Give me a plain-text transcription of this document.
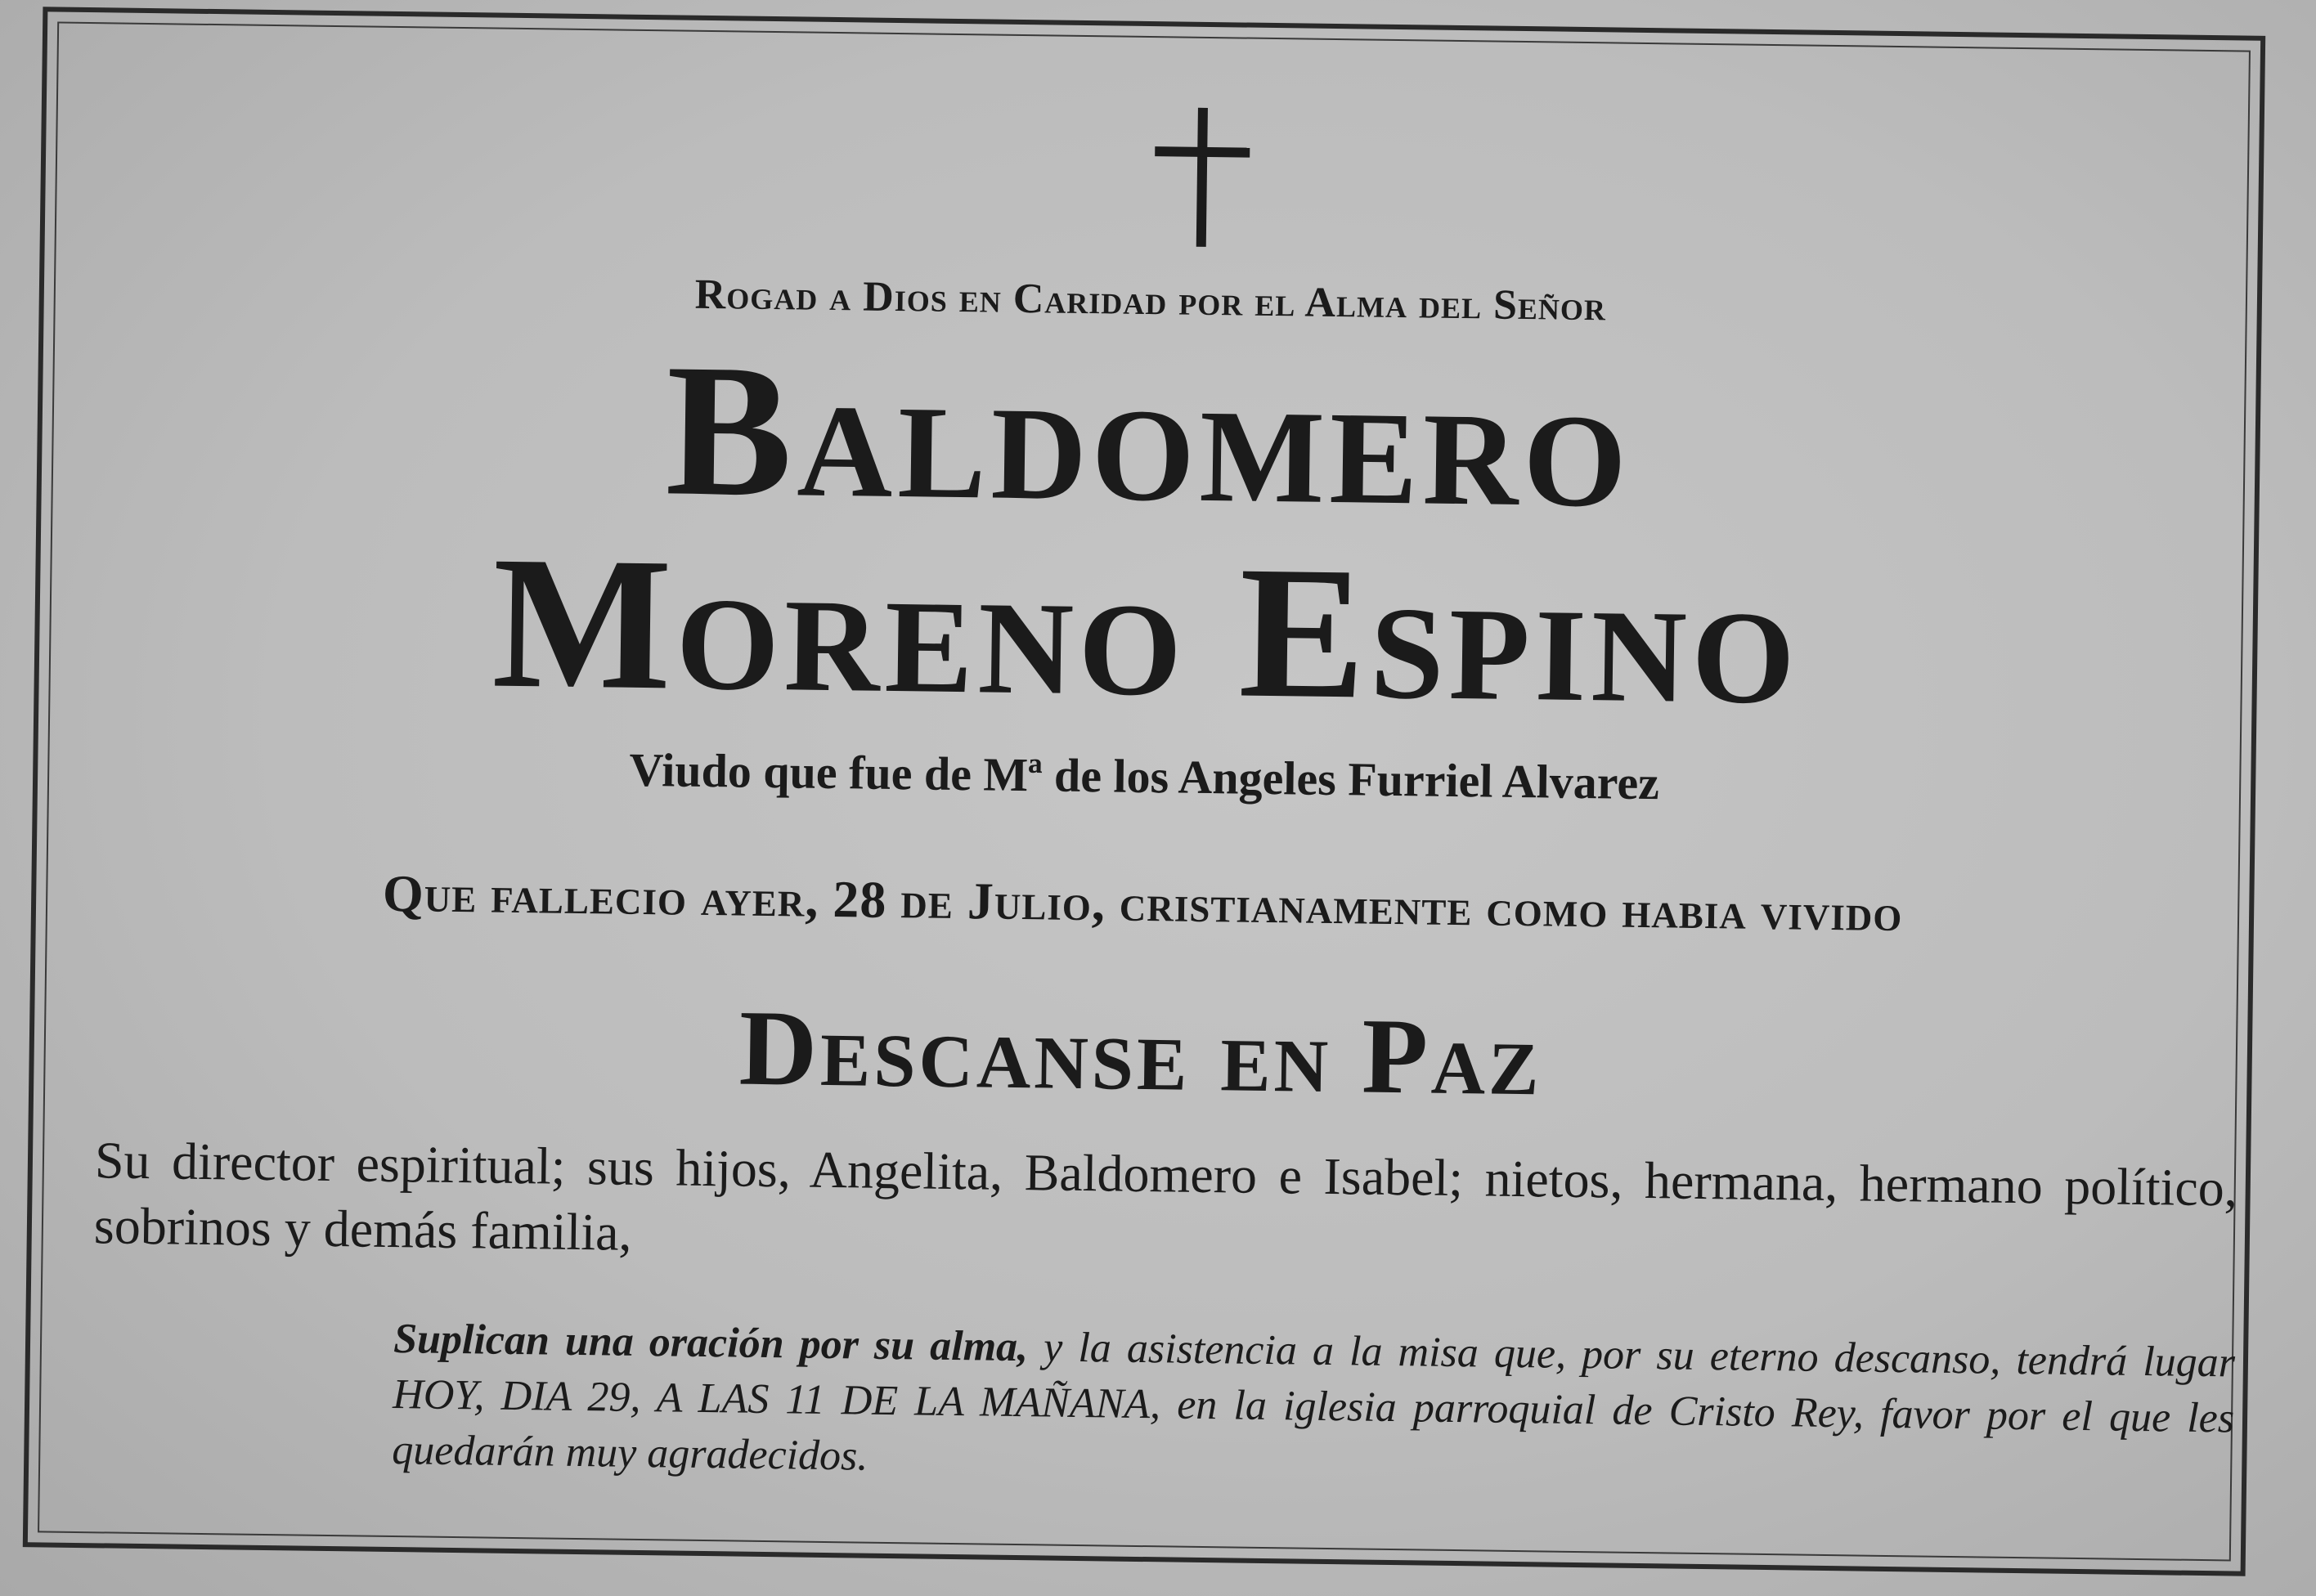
Rogad a Dios en Caridad por el Alma del Señor
Baldomero
Moreno Espino
Viudo que fue de Mª de los Angeles Furriel Alvarez
Que fallecio ayer, 28 de Julio, cristianamente como habia vivido
Descanse en Paz
Su director espiritual; sus hijos, Angelita, Baldomero e Isabel; nietos, hermana, hermano político, sobrinos y demás familia,
Suplican una oración por su alma, y la asistencia a la misa que, por su eterno descanso, tendrá lugar HOY, DIA 29, A LAS 11 DE LA MAÑANA, en la iglesia parroquial de Cristo Rey, favor por el que les quedarán muy agradecidos.
